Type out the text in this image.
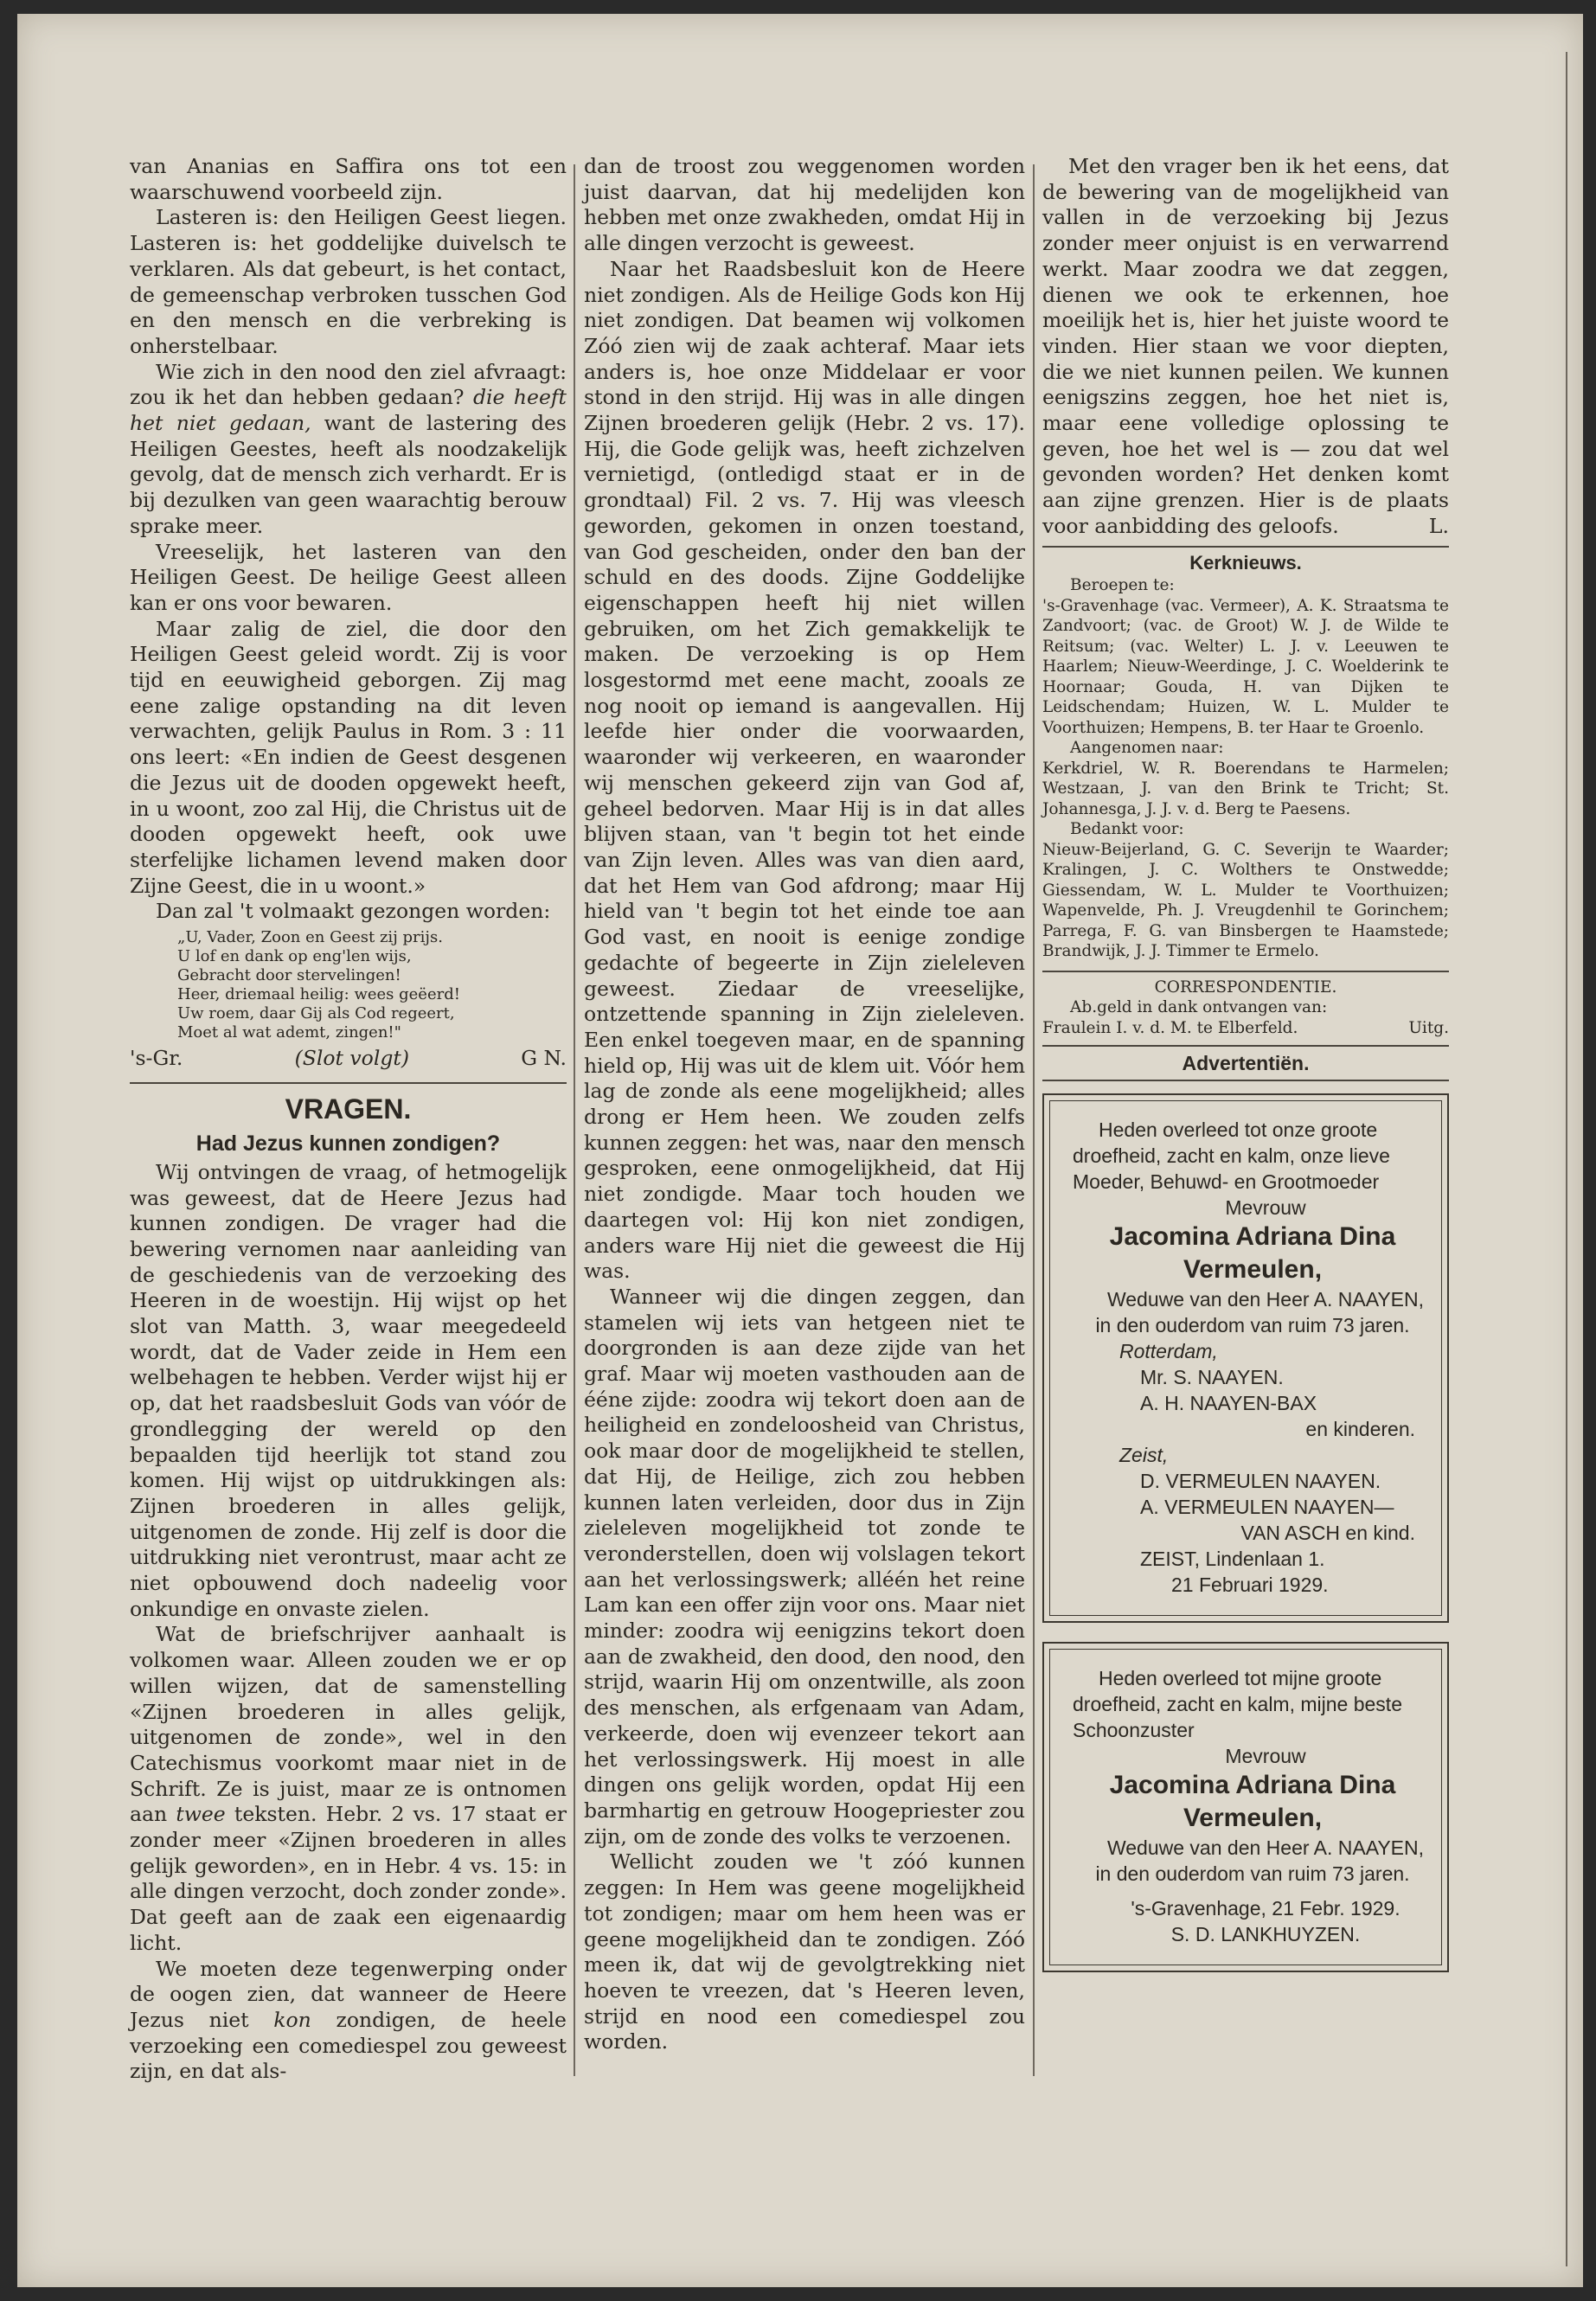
van Ananias en Saffira ons tot een waarschuwend voorbeeld zijn.

Lasteren is: den Heiligen Geest liegen. Lasteren is: het goddelijke duivelsch te verklaren. Als dat gebeurt, is het contact, de gemeenschap verbroken tusschen God en den mensch en die verbreking is onherstelbaar.

Wie zich in den nood den ziel afvraagt: zou ik het dan hebben gedaan? die heeft het niet gedaan, want de lastering des Heiligen Geestes, heeft als noodzakelijk gevolg, dat de mensch zich verhardt. Er is bij dezulken van geen waarachtig berouw sprake meer.

Vreeselijk, het lasteren van den Heiligen Geest. De heilige Geest alleen kan er ons voor bewaren.

Maar zalig de ziel, die door den Heiligen Geest geleid wordt. Zij is voor tijd en eeuwigheid geborgen. Zij mag eene zalige opstanding na dit leven verwachten, gelijk Paulus in Rom. 3 : 11 ons leert: «En indien de Geest desgenen die Jezus uit de dooden opgewekt heeft, in u woont, zoo zal Hij, die Christus uit de dooden opgewekt heeft, ook uwe sterfelijke lichamen levend maken door Zijne Geest, die in u woont.»

Dan zal 't volmaakt gezongen worden:

„U, Vader, Zoon en Geest zij prijs.
U lof en dank op eng'len wijs,
Gebracht door stervelingen!
Heer, driemaal heilig: wees geëerd!
Uw roem, daar Gij als Cod regeert,
Moet al wat ademt, zingen!"
's-Gr.	(Slot volgt)	G N.
VRAGEN.
Had Jezus kunnen zondigen?

Wij ontvingen de vraag, of hetmogelijk was geweest, dat de Heere Jezus had kunnen zondigen. De vrager had die bewering vernomen naar aanleiding van de geschiedenis van de verzoeking des Heeren in de woestijn. Hij wijst op het slot van Matth. 3, waar meegedeeld wordt, dat de Vader zeide in Hem een welbehagen te hebben. Verder wijst hij er op, dat het raadsbesluit Gods van vóór de grondlegging der wereld op den bepaalden tijd heerlijk tot stand zou komen. Hij wijst op uitdrukkingen als: Zijnen broederen in alles gelijk, uitgenomen de zonde. Hij zelf is door die uitdrukking niet verontrust, maar acht ze niet opbouwend doch nadeelig voor onkundige en onvaste zielen.

Wat de briefschrijver aanhaalt is volkomen waar. Alleen zouden we er op willen wijzen, dat de samenstelling «Zijnen broederen in alles gelijk, uitgenomen de zonde», wel in den Catechismus voorkomt maar niet in de Schrift. Ze is juist, maar ze is ontnomen aan twee teksten. Hebr. 2 vs. 17 staat er zonder meer «Zijnen broederen in alles gelijk geworden», en in Hebr. 4 vs. 15: in alle dingen verzocht, doch zonder zonde». Dat geeft aan de zaak een eigenaardig licht.

We moeten deze tegenwerping onder de oogen zien, dat wanneer de Heere Jezus niet kon zondigen, de heele verzoeking een comediespel zou geweest zijn, en dat als-

dan de troost zou weggenomen worden juist daarvan, dat hij medelijden kon hebben met onze zwakheden, omdat Hij in alle dingen verzocht is geweest.

Naar het Raadsbesluit kon de Heere niet zondigen. Als de Heilige Gods kon Hij niet zondigen. Dat beamen wij volkomen Zóó zien wij de zaak achteraf. Maar iets anders is, hoe onze Middelaar er voor stond in den strijd. Hij was in alle dingen Zijnen broederen gelijk (Hebr. 2 vs. 17). Hij, die Gode gelijk was, heeft zichzelven vernietigd, (ontledigd staat er in de grondtaal) Fil. 2 vs. 7. Hij was vleesch geworden, gekomen in onzen toestand, van God gescheiden, onder den ban der schuld en des doods. Zijne Goddelijke eigenschappen heeft hij niet willen gebruiken, om het Zich gemakkelijk te maken. De verzoeking is op Hem losgestormd met eene macht, zooals ze nog nooit op iemand is aangevallen. Hij leefde hier onder die voorwaarden, waaronder wij verkeeren, en waaronder wij menschen gekeerd zijn van God af, geheel bedorven. Maar Hij is in dat alles blijven staan, van 't begin tot het einde van Zijn leven. Alles was van dien aard, dat het Hem van God afdrong; maar Hij hield van 't begin tot het einde toe aan God vast, en nooit is eenige zondige gedachte of begeerte in Zijn zieleleven geweest. Ziedaar de vreeselijke, ontzettende spanning in Zijn zieleleven. Een enkel toegeven maar, en de spanning hield op, Hij was uit de klem uit. Vóór hem lag de zonde als eene mogelijkheid; alles drong er Hem heen. We zouden zelfs kunnen zeggen: het was, naar den mensch gesproken, eene onmogelijkheid, dat Hij niet zondigde. Maar toch houden we daartegen vol: Hij kon niet zondigen, anders ware Hij niet die geweest die Hij was.

Wanneer wij die dingen zeggen, dan stamelen wij iets van hetgeen niet te doorgronden is aan deze zijde van het graf. Maar wij moeten vasthouden aan de ééne zijde: zoodra wij tekort doen aan de heiligheid en zondeloosheid van Christus, ook maar door de mogelijkheid te stellen, dat Hij, de Heilige, zich zou hebben kunnen laten verleiden, door dus in Zijn zieleleven mogelijkheid tot zonde te veronderstellen, doen wij volslagen tekort aan het verlossingswerk; alléén het reine Lam kan een offer zijn voor ons. Maar niet minder: zoodra wij eenigzins tekort doen aan de zwakheid, den dood, den nood, den strijd, waarin Hij om onzentwille, als zoon des menschen, als erfgenaam van Adam, verkeerde, doen wij evenzeer tekort aan het verlossingswerk. Hij moest in alle dingen ons gelijk worden, opdat Hij een barmhartig en getrouw Hoogepriester zou zijn, om de zonde des volks te verzoenen.

Wellicht zouden we 't zóó kunnen zeggen: In Hem was geene mogelijkheid tot zondigen; maar om hem heen was er geene mogelijkheid dan te zondigen. Zóó meen ik, dat wij de gevolgtrekking niet hoeven te vreezen, dat 's Heeren leven, strijd en nood een comediespel zou worden.

Met den vrager ben ik het eens, dat de bewering van de mogelijkheid van vallen in de verzoeking bij Jezus zonder meer onjuist is en verwarrend werkt. Maar zoodra we dat zeggen, dienen we ook te erkennen, hoe moeilijk het is, hier het juiste woord te vinden. Hier staan we voor diepten, die we niet kunnen peilen. We kunnen eenigszins zeggen, hoe het niet is, maar eene volledige oplossing te geven, hoe het wel is — zou dat wel gevonden worden? Het denken komt aan zijne grenzen. Hier is de plaats voor aanbidding des geloofs.	L.
Kerknieuws.

Beroepen te:

's-Gravenhage (vac. Vermeer), A. K. Straatsma te Zandvoort; (vac. de Groot) W. J. de Wilde te Reitsum; (vac. Welter) L. J. v. Leeuwen te Haarlem; Nieuw-Weerdinge, J. C. Woelderink te Hoornaar; Gouda, H. van Dijken te Leidschendam; Huizen, W. L. Mulder te Voorthuizen; Hempens, B. ter Haar te Groenlo.

Aangenomen naar:

Kerkdriel, W. R. Boerendans te Harmelen; Westzaan, J. van den Brink te Tricht; St. Johannesga, J. J. v. d. Berg te Paesens.

Bedankt voor:

Nieuw-Beijerland, G. C. Severijn te Waarder; Kralingen, J. C. Wolthers te Onstwedde; Giessendam, W. L. Mulder te Voorthuizen; Wapenvelde, Ph. J. Vreugdenhil te Gorinchem; Parrega, F. G. van Binsbergen te Haamstede; Brandwijk, J. J. Timmer te Ermelo.

CORRESPONDENTIE.

Ab.geld in dank ontvangen van:

Fraulein I. v. d. M. te Elberfeld.	Uitg.
Advertentiën.

Heden overleed tot onze groote droefheid, zacht en kalm, onze lieve Moeder, Behuwd- en Grootmoeder

Mevrouw

Jacomina Adriana Dina
Vermeulen,

Weduwe van den Heer A. NAAYEN, in den ouderdom van ruim 73 jaren.

Rotterdam,

Mr. S. NAAYEN.

A. H. NAAYEN-BAX

en kinderen.

Zeist,

D. VERMEULEN NAAYEN.

A. VERMEULEN NAAYEN—

VAN ASCH en kind.

ZEIST, Lindenlaan 1.

21 Februari 1929.

Heden overleed tot mijne groote droefheid, zacht en kalm, mijne beste Schoonzuster

Mevrouw

Jacomina Adriana Dina
Vermeulen,

Weduwe van den Heer A. NAAYEN, in den ouderdom van ruim 73 jaren.

's-Gravenhage, 21 Febr. 1929.

S. D. LANKHUYZEN.
